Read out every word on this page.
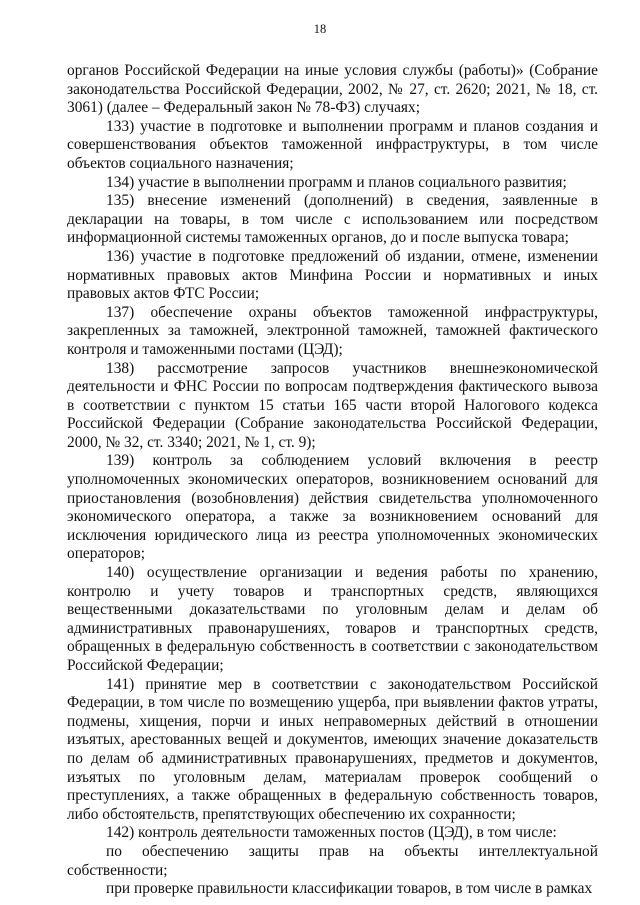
18

органов Российской Федерации на иные условия службы (работы)» (Собрание законодательства Российской Федерации, 2002, № 27, ст. 2620; 2021, № 18, ст. 3061) (далее – Федеральный закон № 78-ФЗ) случаях;

133) участие в подготовке и выполнении программ и планов создания и совершенствования объектов таможенной инфраструктуры, в том числе объектов социального назначения;

134) участие в выполнении программ и планов социального развития;

135) внесение изменений (дополнений) в сведения, заявленные в декларации на товары, в том числе с использованием или посредством информационной системы таможенных органов, до и после выпуска товара;

136) участие в подготовке предложений об издании, отмене, изменении нормативных правовых актов Минфина России и нормативных и иных правовых актов ФТС России;

137) обеспечение охраны объектов таможенной инфраструктуры, закрепленных за таможней, электронной таможней, таможней фактического контроля и таможенными постами (ЦЭД);

138) рассмотрение запросов участников внешнеэкономической деятельности и ФНС России по вопросам подтверждения фактического вывоза в соответствии с пунктом 15 статьи 165 части второй Налогового кодекса Российской Федерации (Собрание законодательства Российской Федерации, 2000, № 32, ст. 3340; 2021, № 1, ст. 9);

139) контроль за соблюдением условий включения в реестр уполномоченных экономических операторов, возникновением оснований для приостановления (возобновления) действия свидетельства уполномоченного экономического оператора, а также за возникновением оснований для исключения юридического лица из реестра уполномоченных экономических операторов;

140) осуществление организации и ведения работы по хранению, контролю и учету товаров и транспортных средств, являющихся вещественными доказательствами по уголовным делам и делам об административных правонарушениях, товаров и транспортных средств, обращенных в федеральную собственность в соответствии с законодательством Российской Федерации;

141) принятие мер в соответствии с законодательством Российской Федерации, в том числе по возмещению ущерба, при выявлении фактов утраты, подмены, хищения, порчи и иных неправомерных действий в отношении изъятых, арестованных вещей и документов, имеющих значение доказательств по делам об административных правонарушениях, предметов и документов, изъятых по уголовным делам, материалам проверок сообщений о преступлениях, а также обращенных в федеральную собственность товаров, либо обстоятельств, препятствующих обеспечению их сохранности;

142) контроль деятельности таможенных постов (ЦЭД), в том числе:

по обеспечению защиты прав на объекты интеллектуальной собственности;

при проверке правильности классификации товаров, в том числе в рамках
